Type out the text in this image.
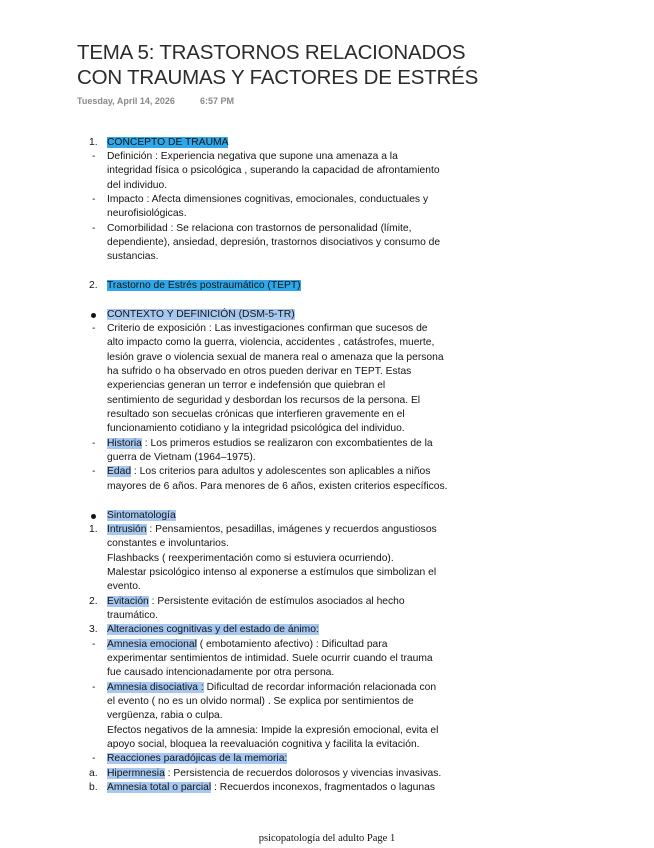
TEMA 5: TRASTORNOS RELACIONADOS
CON TRAUMAS Y FACTORES DE ESTRÉS
Tuesday, April 14, 2026	6:57 PM
1. CONCEPTO DE TRAUMA
- Definición : Experiencia negativa que supone una amenaza a la
integridad física o psicológica , superando la capacidad de afrontamiento
del individuo.
- Impacto : Afecta dimensiones cognitivas, emocionales, conductuales y
neurofisiológicas.
- Comorbilidad : Se relaciona con trastornos de personalidad (límite,
dependiente), ansiedad, depresión, trastornos disociativos y consumo de
sustancias.
2. Trastorno de Estrés postraumático (TEPT)
CONTEXTO Y DEFINICIÓN (DSM-5-TR)
- Criterio de exposición : Las investigaciones confirman que sucesos de
alto impacto como la guerra, violencia, accidentes , catástrofes, muerte,
lesión grave o violencia sexual de manera real o amenaza que la persona
ha sufrido o ha observado en otros pueden derivar en TEPT. Estas
experiencias generan un terror e indefensión que quiebran el
sentimiento de seguridad y desbordan los recursos de la persona. El
resultado son secuelas crónicas que interfieren gravemente en el
funcionamiento cotidiano y la integridad psicológica del individuo.
- Historia : Los primeros estudios se realizaron con excombatientes de la
guerra de Vietnam (1964–1975).
- Edad : Los criterios para adultos y adolescentes son aplicables a niños
mayores de 6 años. Para menores de 6 años, existen criterios específicos.
Sintomatología
1. Intrusión : Pensamientos, pesadillas, imágenes y recuerdos angustiosos
constantes e involuntarios.
Flashbacks ( reexperimentación como si estuviera ocurriendo).
Malestar psicológico intenso al exponerse a estímulos que simbolizan el
evento.
2. Evitación : Persistente evitación de estímulos asociados al hecho
traumático.
3. Alteraciones cognitivas y del estado de ánimo:
- Amnesia emocional ( embotamiento afectivo) : Dificultad para
experimentar sentimientos de intimidad. Suele ocurrir cuando el trauma
fue causado intencionadamente por otra persona.
- Amnesia disociativa : Dificultad de recordar información relacionada con
el evento ( no es un olvido normal) . Se explica por sentimientos de
vergüenza, rabia o culpa.
Efectos negativos de la amnesia: Impide la expresión emocional, evita el
apoyo social, bloquea la reevaluación cognitiva y facilita la evitación.
- Reacciones paradójicas de la memoria:
a. Hipermnesia : Persistencia de recuerdos dolorosos y vivencias invasivas.
b. Amnesia total o parcial : Recuerdos inconexos, fragmentados o lagunas
psicopatología del adulto Page 1
